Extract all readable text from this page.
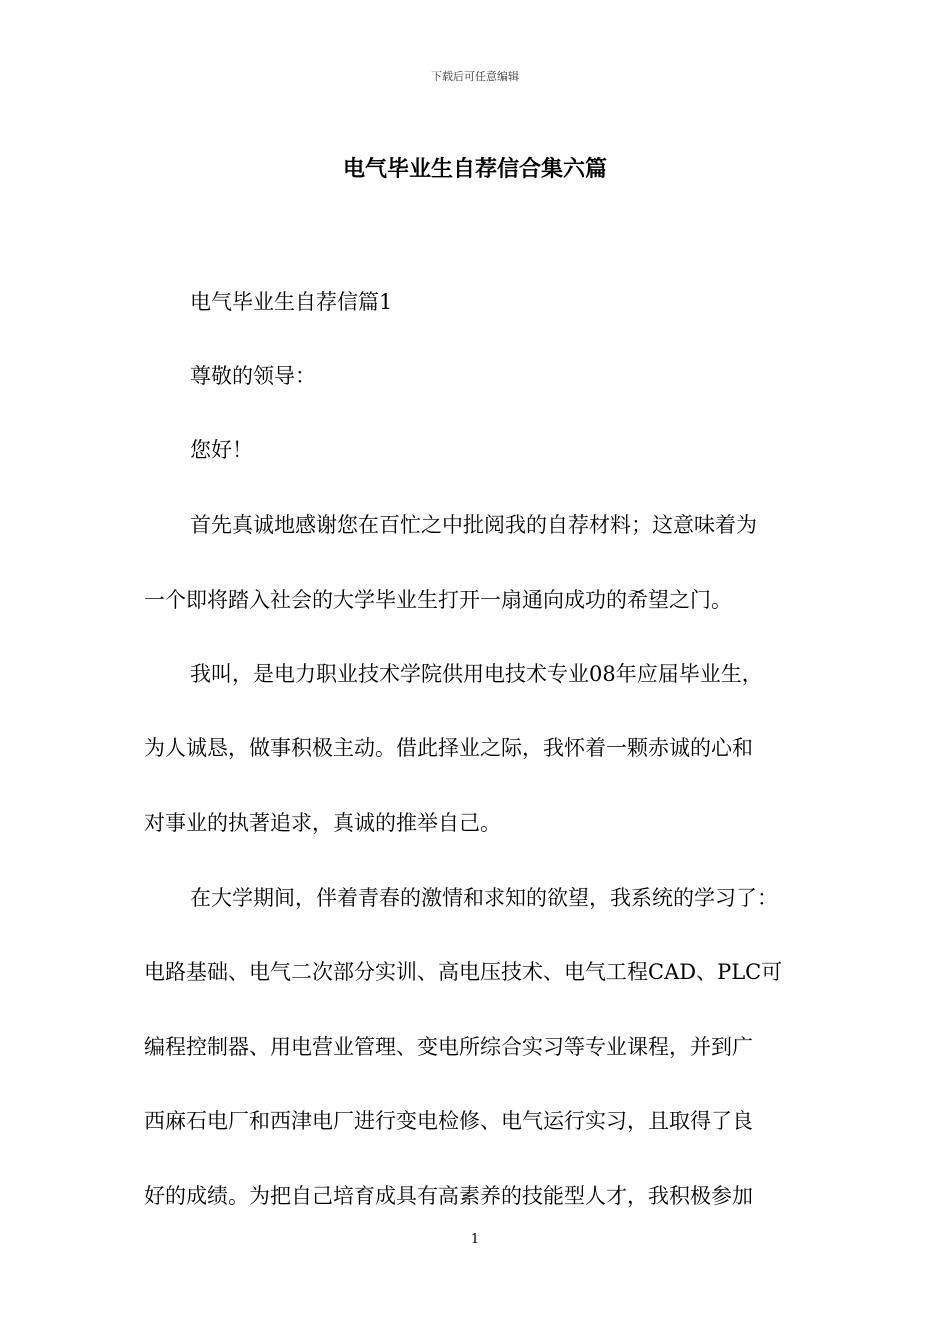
下载后可任意编辑
电气毕业生自荐信合集六篇
电气毕业生自荐信篇1
尊敬的领导：
您好！
首先真诚地感谢您在百忙之中批阅我的自荐材料；这意味着为
一个即将踏入社会的大学毕业生打开一扇通向成功的希望之门。
我叫，是电力职业技术学院供用电技术专业08年应届毕业生，
为人诚恳，做事积极主动。借此择业之际，我怀着一颗赤诚的心和
对事业的执著追求，真诚的推举自己。
在大学期间，伴着青春的激情和求知的欲望，我系统的学习了：
电路基础、电气二次部分实训、高电压技术、电气工程CAD、PLC可
编程控制器、用电营业管理、变电所综合实习等专业课程，并到广
西麻石电厂和西津电厂进行变电检修、电气运行实习，且取得了良
好的成绩。为把自己培育成具有高素养的技能型人才，我积极参加
1
